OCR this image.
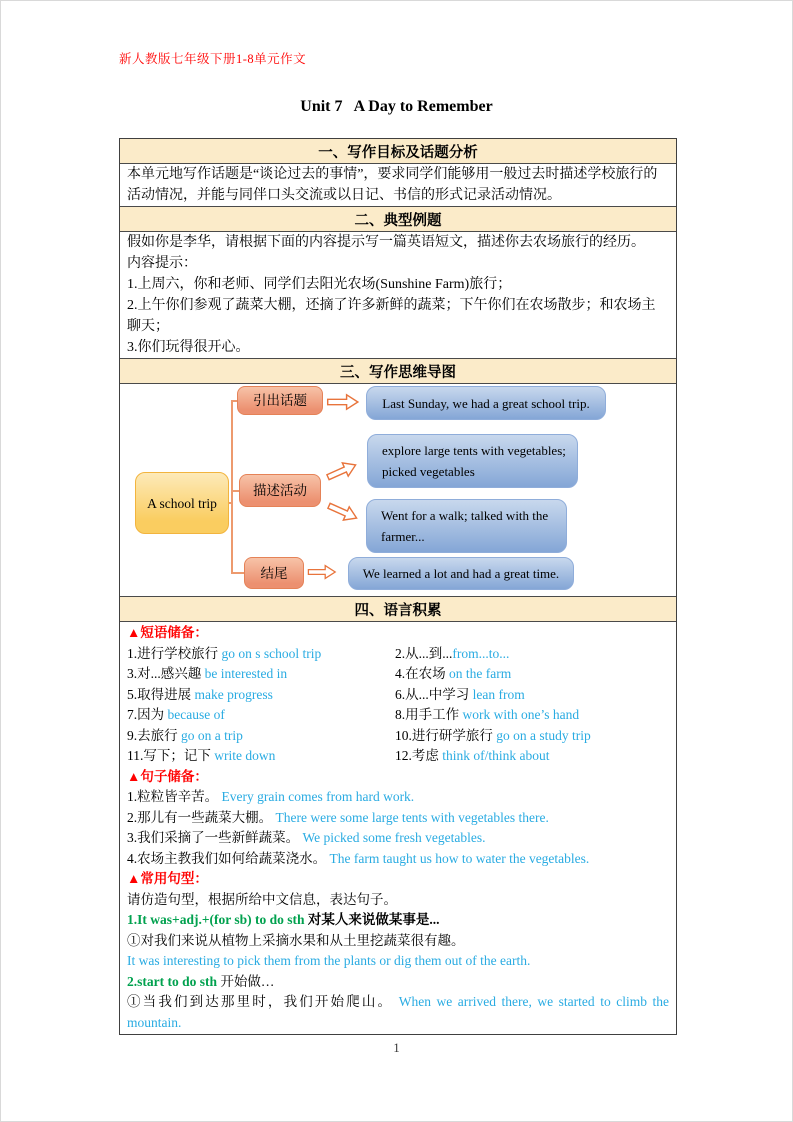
新人教版七年级下册1-8单元作文
Unit 7   A Day to Remember
一、写作目标及话题分析

本单元地写作话题是“谈论过去的事情”，要求同学们能够用一般过去时描述学校旅行的活动情况，并能与同伴口头交流或以日记、书信的形式记录活动情况。

二、典型例题

假如你是李华，请根据下面的内容提示写一篇英语短文，描述你去农场旅行的经历。

内容提示：

1.上周六，你和老师、同学们去阳光农场(Sunshine Farm)旅行；

2.上午你们参观了蔬菜大棚，还摘了许多新鲜的蔬菜；下午你们在农场散步；和农场主聊天；

3.你们玩得很开心。

三、写作思维导图
A school trip
引出话题
描述活动
结尾
Last Sunday, we had a great school trip.
explore large tents with vegetables; picked vegetables
Went for a walk; talked with the farmer...
We learned a lot and had a great time.
四、语言积累

▲短语储备：

1.进行学校旅行 go on s school trip	2.从...到...from...to...
3.对...感兴趣 be interested in	4.在农场 on the farm
5.取得进展 make progress	6.从...中学习 lean from
7.因为 because of	8.用手工作 work with one’s hand
9.去旅行 go on a trip	10.进行研学旅行 go on a study trip
11.写下；记下 write down	12.考虑 think of/think about

▲句子储备：

1.粒粒皆辛苦。 Every grain comes from hard work.

2.那儿有一些蔬菜大棚。 There were some large tents with vegetables there.

3.我们采摘了一些新鲜蔬菜。 We picked some fresh vegetables.

4.农场主教我们如何给蔬菜浇水。 The farm taught us how to water the vegetables.

▲常用句型：

请仿造句型，根据所给中文信息，表达句子。

1.It was+adj.+(for sb) to do sth 对某人来说做某事是...

①对我们来说从植物上采摘水果和从土里挖蔬菜很有趣。

It was interesting to pick them from the plants or dig them out of the earth.

2.start to do sth 开始做…

①当我们到达那里时，我们开始爬山。 When we arrived there, we started to climb the mountain.

1
